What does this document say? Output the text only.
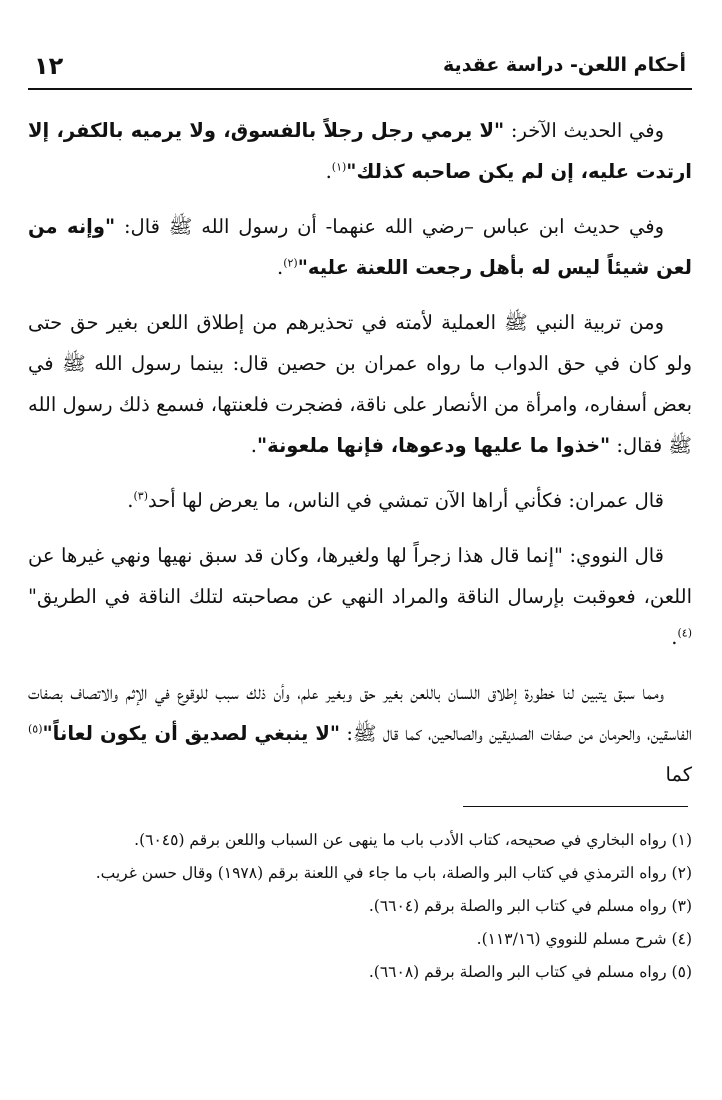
١٢	أحكام اللعن- دراسة عقدية

وفي الحديث الآخر: "لا يرمي رجل رجلاً بالفسوق، ولا يرميه بالكفر، إلا ارتدت عليه، إن لم يكن صاحبه كذلك"$^{(١)}$.

وفي حديث ابن عباس –رضي الله عنهما- أن رسول الله ﷺ قال: "وإنه من لعن شيئاً ليس له بأهل رجعت اللعنة عليه"$^{(٢)}$.

ومن تربية النبي ﷺ العملية لأمته في تحذيرهم من إطلاق اللعن بغير حق حتى ولو كان في حق الدواب ما رواه عمران بن حصين قال: بينما رسول الله ﷺ في بعض أسفاره، وامرأة من الأنصار على ناقة، فضجرت فلعنتها، فسمع ذلك رسول الله ﷺ فقال: "خذوا ما عليها ودعوها، فإنها ملعونة".

قال عمران: فكأني أراها الآن تمشي في الناس، ما يعرض لها أحد$^{(٣)}$.

قال النووي: "إنما قال هذا زجراً لها ولغيرها، وكان قد سبق نهيها ونهي غيرها عن اللعن، فعوقبت بإرسال الناقة والمراد النهي عن مصاحبته لتلك الناقة في الطريق"$^{(٤)}$.

ومما سبق يتبين لنا خطورة إطلاق اللسان باللعن بغير حق وبغير علم، وأن ذلك سبب للوقوع في الإثم والاتصاف بصفات الفاسقين، والحرمان من صفات الصديقين والصالحين، كما قال ﷺ: "لا ينبغي لصديق أن يكون لعاناً"$^{(٥)}$ كما

(١) رواه البخاري في صحيحه، كتاب الأدب باب ما ينهى عن السباب واللعن برقم (٦٠٤٥).

(٢) رواه الترمذي في كتاب البر والصلة، باب ما جاء في اللعنة برقم (١٩٧٨) وقال حسن غريب.

(٣) رواه مسلم في كتاب البر والصلة برقم (٦٦٠٤).

(٤) شرح مسلم للنووي (١١٣/١٦).

(٥) رواه مسلم في كتاب البر والصلة برقم (٦٦٠٨).
